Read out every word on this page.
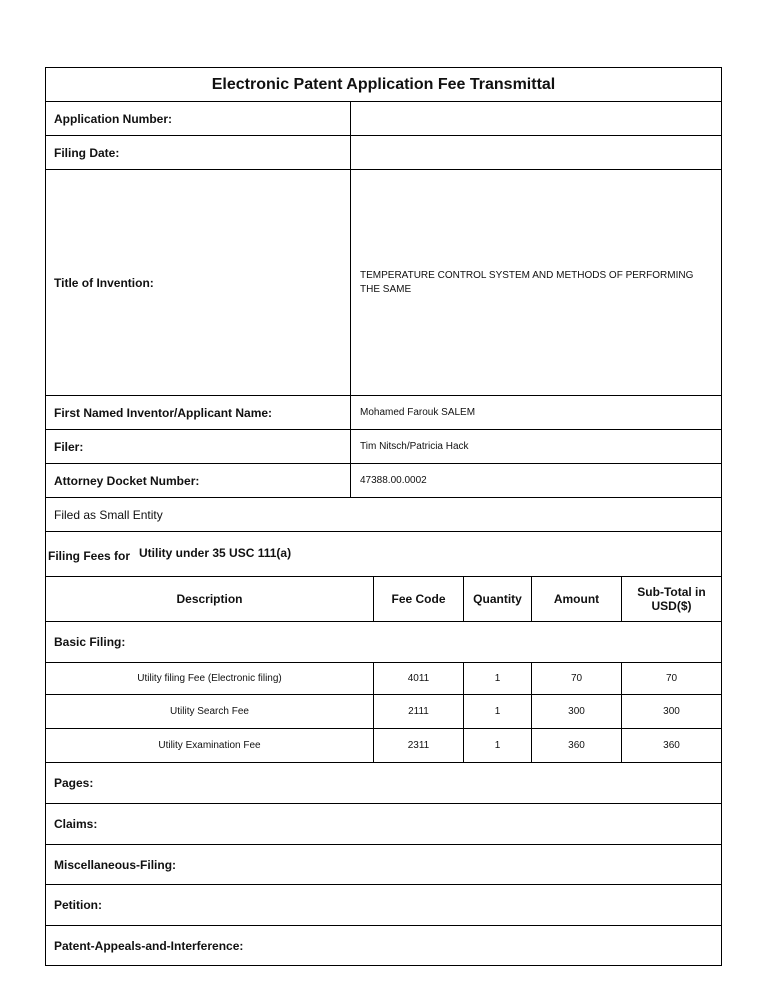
Electronic Patent Application Fee Transmittal
Application Number:
Filing Date:
Title of Invention:
TEMPERATURE CONTROL SYSTEM AND METHODS OF PERFORMING THE SAME
First Named Inventor/Applicant Name:	Mohamed Farouk SALEM
Filer:	Tim Nitsch/Patricia Hack
Attorney Docket Number:	47388.00.0002
Filed as Small Entity
Filing Fees for Utility under 35 USC 111(a)
Description	Fee Code	Quantity	Amount	Sub-Total in USD($)
Basic Filing:
Utility filing Fee (Electronic filing)	4011	1	70	70
Utility Search Fee	2111	1	300	300
Utility Examination Fee	2311	1	360	360
Pages:
Claims:
Miscellaneous-Filing:
Petition:
Patent-Appeals-and-Interference:
